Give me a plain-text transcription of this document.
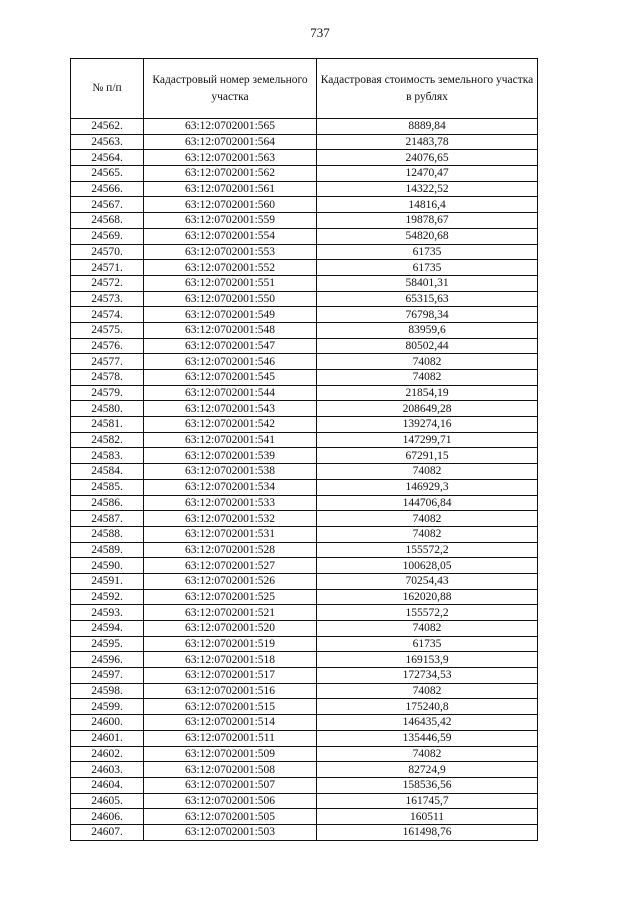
737
№ п/п	Кадастровый номер земельного участка	Кадастровая стоимость земельного участка в рублях
24562.	63:12:0702001:565	8889,84
24563.	63:12:0702001:564	21483,78
24564.	63:12:0702001:563	24076,65
24565.	63:12:0702001:562	12470,47
24566.	63:12:0702001:561	14322,52
24567.	63:12:0702001:560	14816,4
24568.	63:12:0702001:559	19878,67
24569.	63:12:0702001:554	54820,68
24570.	63:12:0702001:553	61735
24571.	63:12:0702001:552	61735
24572.	63:12:0702001:551	58401,31
24573.	63:12:0702001:550	65315,63
24574.	63:12:0702001:549	76798,34
24575.	63:12:0702001:548	83959,6
24576.	63:12:0702001:547	80502,44
24577.	63:12:0702001:546	74082
24578.	63:12:0702001:545	74082
24579.	63:12:0702001:544	21854,19
24580.	63:12:0702001:543	208649,28
24581.	63:12:0702001:542	139274,16
24582.	63:12:0702001:541	147299,71
24583.	63:12:0702001:539	67291,15
24584.	63:12:0702001:538	74082
24585.	63:12:0702001:534	146929,3
24586.	63:12:0702001:533	144706,84
24587.	63:12:0702001:532	74082
24588.	63:12:0702001:531	74082
24589.	63:12:0702001:528	155572,2
24590.	63:12:0702001:527	100628,05
24591.	63:12:0702001:526	70254,43
24592.	63:12:0702001:525	162020,88
24593.	63:12:0702001:521	155572,2
24594.	63:12:0702001:520	74082
24595.	63:12:0702001:519	61735
24596.	63:12:0702001:518	169153,9
24597.	63:12:0702001:517	172734,53
24598.	63:12:0702001:516	74082
24599.	63:12:0702001:515	175240,8
24600.	63:12:0702001:514	146435,42
24601.	63:12:0702001:511	135446,59
24602.	63:12:0702001:509	74082
24603.	63:12:0702001:508	82724,9
24604.	63:12:0702001:507	158536,56
24605.	63:12:0702001:506	161745,7
24606.	63:12:0702001:505	160511
24607.	63:12:0702001:503	161498,76
